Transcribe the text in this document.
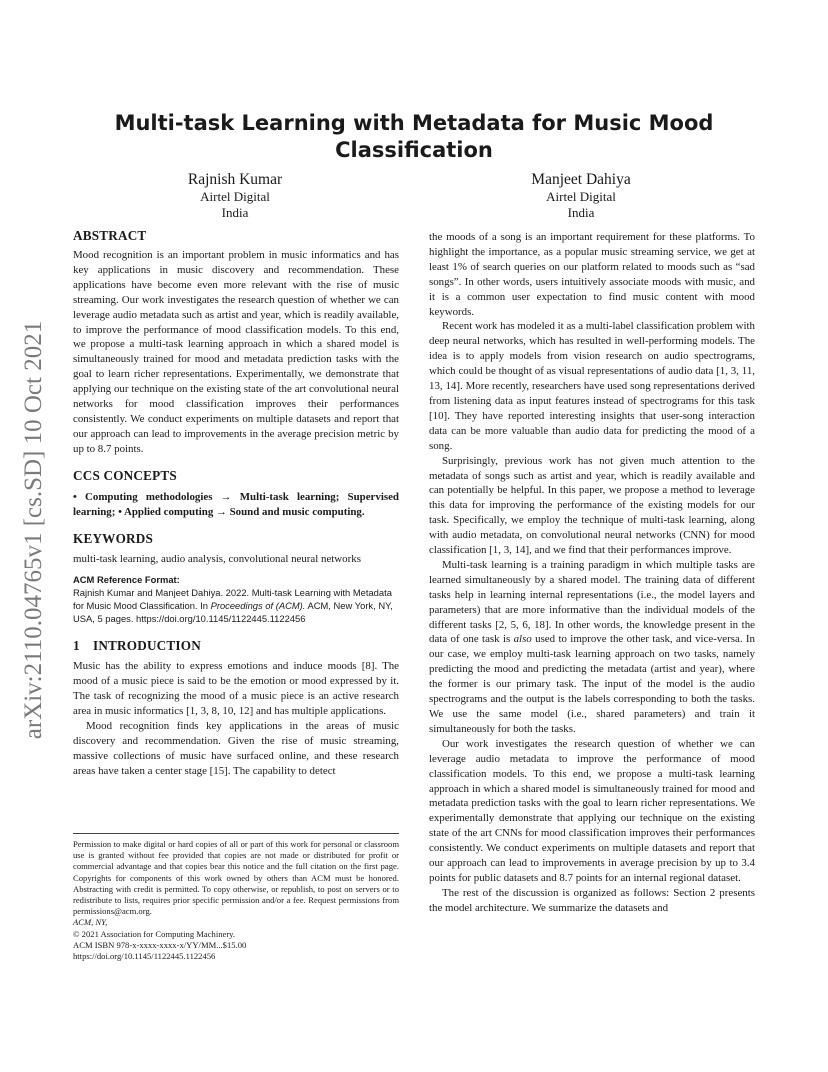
arXiv:2110.04765v1 [cs.SD] 10 Oct 2021
Multi-task Learning with Metadata for Music Mood Classification
Rajnish Kumar
Airtel Digital
India
Manjeet Dahiya
Airtel Digital
India
ABSTRACT

Mood recognition is an important problem in music informatics and has key applications in music discovery and recommendation. These applications have become even more relevant with the rise of music streaming. Our work investigates the research question of whether we can leverage audio metadata such as artist and year, which is readily available, to improve the performance of mood classification models. To this end, we propose a multi-task learning approach in which a shared model is simultaneously trained for mood and metadata prediction tasks with the goal to learn richer representations. Experimentally, we demonstrate that applying our technique on the existing state of the art convolutional neural networks for mood classification improves their performances consistently. We conduct experiments on multiple datasets and report that our approach can lead to improvements in the average precision metric by up to 8.7 points.

CCS CONCEPTS

• Computing methodologies → Multi-task learning; Supervised learning; • Applied computing → Sound and music computing.

KEYWORDS

multi-task learning, audio analysis, convolutional neural networks

ACM Reference Format:

Rajnish Kumar and Manjeet Dahiya. 2022. Multi-task Learning with Metadata for Music Mood Classification. In Proceedings of (ACM). ACM, New York, NY, USA, 5 pages. https://doi.org/10.1145/1122445.1122456

1 INTRODUCTION

Music has the ability to express emotions and induce moods [8]. The mood of a music piece is said to be the emotion or mood expressed by it. The task of recognizing the mood of a music piece is an active research area in music informatics [1, 3, 8, 10, 12] and has multiple applications.

Mood recognition finds key applications in the areas of music discovery and recommendation. Given the rise of music streaming, massive collections of music have surfaced online, and these research areas have taken a center stage [15]. The capability to detect

Permission to make digital or hard copies of all or part of this work for personal or classroom use is granted without fee provided that copies are not made or distributed for profit or commercial advantage and that copies bear this notice and the full citation on the first page. Copyrights for components of this work owned by others than ACM must be honored. Abstracting with credit is permitted. To copy otherwise, or republish, to post on servers or to redistribute to lists, requires prior specific permission and/or a fee. Request permissions from permissions@acm.org.

ACM, NY,
© 2021 Association for Computing Machinery.
ACM ISBN 978-x-xxxx-xxxx-x/YY/MM...$15.00
https://doi.org/10.1145/1122445.1122456

the moods of a song is an important requirement for these platforms. To highlight the importance, as a popular music streaming service, we get at least 1% of search queries on our platform related to moods such as “sad songs”. In other words, users intuitively associate moods with music, and it is a common user expectation to find music content with mood keywords.

Recent work has modeled it as a multi-label classification problem with deep neural networks, which has resulted in well-performing models. The idea is to apply models from vision research on audio spectrograms, which could be thought of as visual representations of audio data [1, 3, 11, 13, 14]. More recently, researchers have used song representations derived from listening data as input features instead of spectrograms for this task [10]. They have reported interesting insights that user-song interaction data can be more valuable than audio data for predicting the mood of a song.

Surprisingly, previous work has not given much attention to the metadata of songs such as artist and year, which is readily available and can potentially be helpful. In this paper, we propose a method to leverage this data for improving the performance of the existing models for our task. Specifically, we employ the technique of multi-task learning, along with audio metadata, on convolutional neural networks (CNN) for mood classification [1, 3, 14], and we find that their performances improve.

Multi-task learning is a training paradigm in which multiple tasks are learned simultaneously by a shared model. The training data of different tasks help in learning internal representations (i.e., the model layers and parameters) that are more informative than the individual models of the different tasks [2, 5, 6, 18]. In other words, the knowledge present in the data of one task is also used to improve the other task, and vice-versa. In our case, we employ multi-task learning approach on two tasks, namely predicting the mood and predicting the metadata (artist and year), where the former is our primary task. The input of the model is the audio spectrograms and the output is the labels corresponding to both the tasks. We use the same model (i.e., shared parameters) and train it simultaneously for both the tasks.

Our work investigates the research question of whether we can leverage audio metadata to improve the performance of mood classification models. To this end, we propose a multi-task learning approach in which a shared model is simultaneously trained for mood and metadata prediction tasks with the goal to learn richer representations. We experimentally demonstrate that applying our technique on the existing state of the art CNNs for mood classification improves their performances consistently. We conduct experiments on multiple datasets and report that our approach can lead to improvements in average precision by up to 3.4 points for public datasets and 8.7 points for an internal regional dataset.

The rest of the discussion is organized as follows: Section 2 presents the model architecture. We summarize the datasets and
